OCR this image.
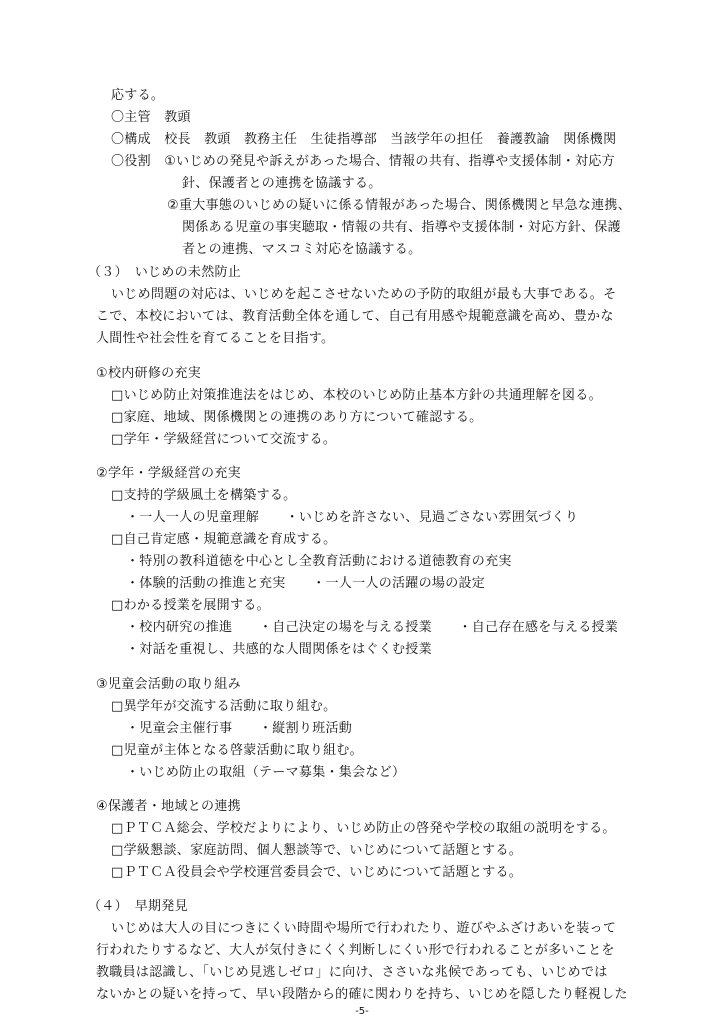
応する。
〇主管　教頭
〇構成　校長　教頭　教務主任　生徒指導部　当該学年の担任　養護教諭　関係機関
〇役割　①いじめの発見や訴えがあった場合、情報の共有、指導や支援体制・対応方
針、保護者との連携を協議する。
②重大事態のいじめの疑いに係る情報があった場合、関係機関と早急な連携、
関係ある児童の事実聴取・情報の共有、指導や支援体制・対応方針、保護
者との連携、マスコミ対応を協議する。
（３）　いじめの未然防止
いじめ問題の対応は、いじめを起こさせないための予防的取組が最も大事である。そ
こで、本校においては、教育活動全体を通して、自己有用感や規範意識を高め、豊かな
人間性や社会性を育てることを目指す。
①校内研修の充実
□いじめ防止対策推進法をはじめ、本校のいじめ防止基本方針の共通理解を図る。
□家庭、地域、関係機関との連携のあり方について確認する。
□学年・学級経営について交流する。
②学年・学級経営の充実
□支持的学級風土を構築する。
・一人一人の児童理解　　・いじめを許さない、見過ごさない雰囲気づくり
□自己肯定感・規範意識を育成する。
・特別の教科道徳を中心とし全教育活動における道徳教育の充実
・体験的活動の推進と充実　　・一人一人の活躍の場の設定
□わかる授業を展開する。
・校内研究の推進　　・自己決定の場を与える授業　　・自己存在感を与える授業
・対話を重視し、共感的な人間関係をはぐくむ授業
③児童会活動の取り組み
□異学年が交流する活動に取り組む。
・児童会主催行事　　・縦割り班活動
□児童が主体となる啓蒙活動に取り組む。
・いじめ防止の取組（テーマ募集・集会など）
④保護者・地域との連携
□ＰＴＣＡ総会、学校だよりにより、いじめ防止の啓発や学校の取組の説明をする。
□学級懇談、家庭訪問、個人懇談等で、いじめについて話題とする。
□ＰＴＣＡ役員会や学校運営委員会で、いじめについて話題とする。
（４）　早期発見
いじめは大人の目につきにくい時間や場所で行われたり、遊びやふざけあいを装って
行われたりするなど、大人が気付きにくく判断しにくい形で行われることが多いことを
教職員は認識し、「いじめ見逃しゼロ」に向け、ささいな兆候であっても、いじめでは
ないかとの疑いを持って、早い段階から的確に関わりを持ち、いじめを隠したり軽視した
-5-
